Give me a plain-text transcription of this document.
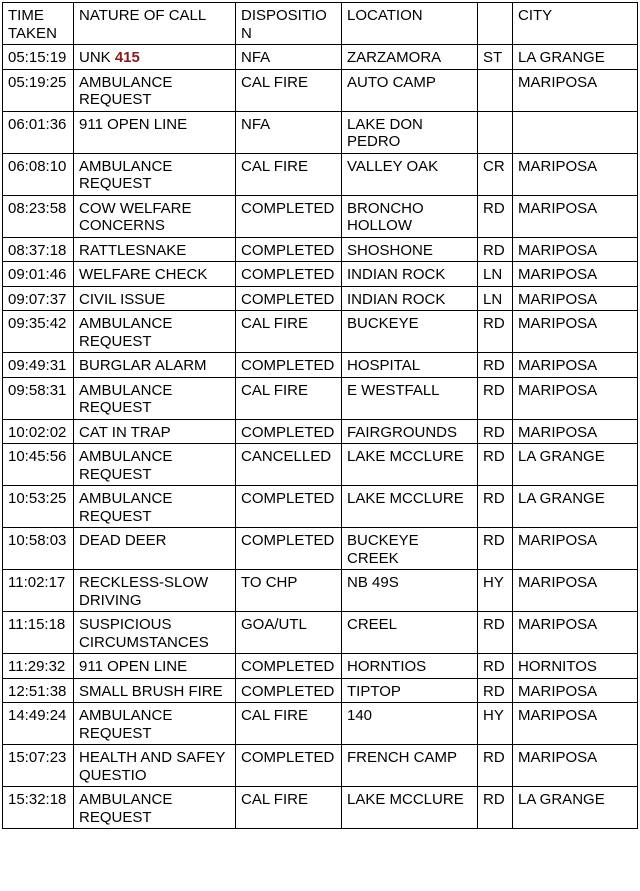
TIME TAKEN	NATURE OF CALL	DISPOSITION	LOCATION		CITY
05:15:19	UNK 415	NFA	ZARZAMORA	ST	LA GRANGE
05:19:25	AMBULANCE REQUEST	CAL FIRE	AUTO CAMP		MARIPOSA
06:01:36	911 OPEN LINE	NFA	LAKE DON PEDRO		
06:08:10	AMBULANCE REQUEST	CAL FIRE	VALLEY OAK	CR	MARIPOSA
08:23:58	COW WELFARE CONCERNS	COMPLETED	BRONCHO HOLLOW	RD	MARIPOSA
08:37:18	RATTLESNAKE	COMPLETED	SHOSHONE	RD	MARIPOSA
09:01:46	WELFARE CHECK	COMPLETED	INDIAN ROCK	LN	MARIPOSA
09:07:37	CIVIL ISSUE	COMPLETED	INDIAN ROCK	LN	MARIPOSA
09:35:42	AMBULANCE REQUEST	CAL FIRE	BUCKEYE	RD	MARIPOSA
09:49:31	BURGLAR ALARM	COMPLETED	HOSPITAL	RD	MARIPOSA
09:58:31	AMBULANCE REQUEST	CAL FIRE	E WESTFALL	RD	MARIPOSA
10:02:02	CAT IN TRAP	COMPLETED	FAIRGROUNDS	RD	MARIPOSA
10:45:56	AMBULANCE REQUEST	CANCELLED	LAKE MCCLURE	RD	LA GRANGE
10:53:25	AMBULANCE REQUEST	COMPLETED	LAKE MCCLURE	RD	LA GRANGE
10:58:03	DEAD DEER	COMPLETED	BUCKEYE CREEK	RD	MARIPOSA
11:02:17	RECKLESS-SLOW DRIVING	TO CHP	NB 49S	HY	MARIPOSA
11:15:18	SUSPICIOUS CIRCUMSTANCES	GOA/UTL	CREEL	RD	MARIPOSA
11:29:32	911 OPEN LINE	COMPLETED	HORNTIOS	RD	HORNITOS
12:51:38	SMALL BRUSH FIRE	COMPLETED	TIPTOP	RD	MARIPOSA
14:49:24	AMBULANCE REQUEST	CAL FIRE	140	HY	MARIPOSA
15:07:23	HEALTH AND SAFEY QUESTIO	COMPLETED	FRENCH CAMP	RD	MARIPOSA
15:32:18	AMBULANCE REQUEST	CAL FIRE	LAKE MCCLURE	RD	LA GRANGE
